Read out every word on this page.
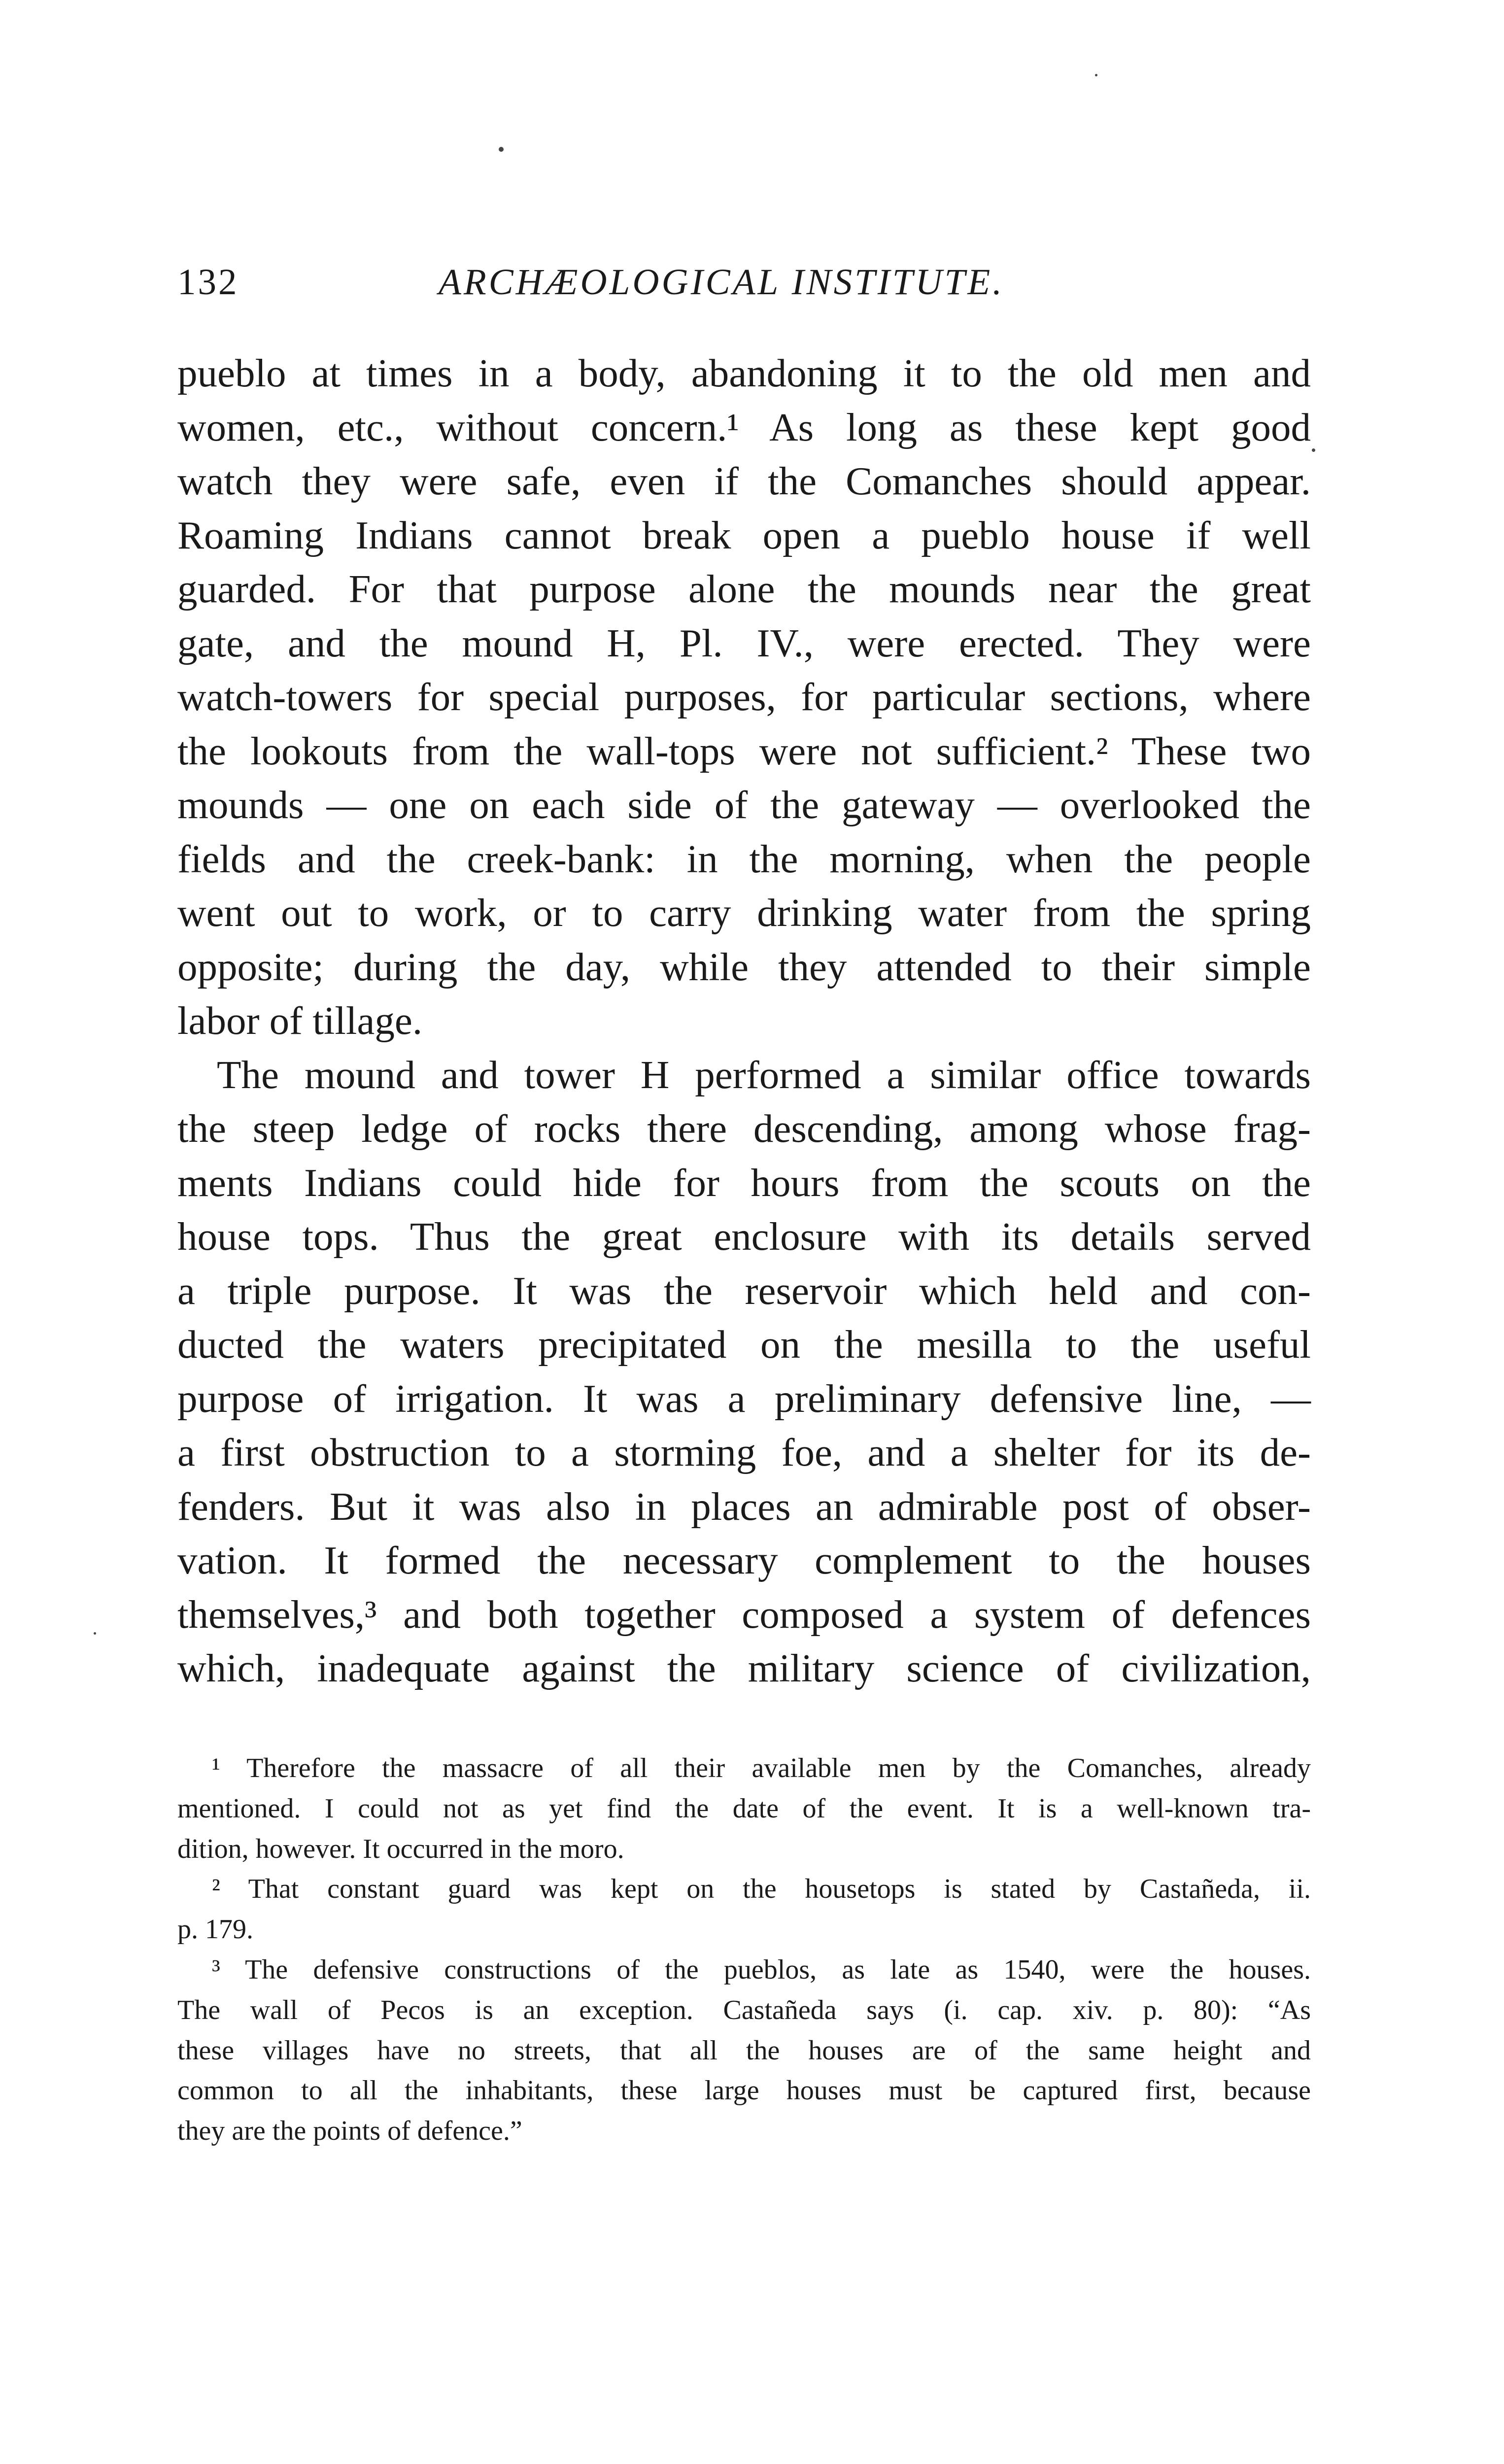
132	ARCHÆOLOGICAL INSTITUTE.
pueblo at times in a body, abandoning it to the old men and
women, etc., without concern.¹ As long as these kept good
watch they were safe, even if the Comanches should appear.
Roaming Indians cannot break open a pueblo house if well
guarded. For that purpose alone the mounds near the great
gate, and the mound H, Pl. IV., were erected. They were
watch-towers for special purposes, for particular sections, where
the lookouts from the wall-tops were not sufficient.² These two
mounds — one on each side of the gateway — overlooked the
fields and the creek-bank: in the morning, when the people
went out to work, or to carry drinking water from the spring
opposite; during the day, while they attended to their simple
labor of tillage.
The mound and tower H performed a similar office towards
the steep ledge of rocks there descending, among whose frag-
ments Indians could hide for hours from the scouts on the
house tops. Thus the great enclosure with its details served
a triple purpose. It was the reservoir which held and con-
ducted the waters precipitated on the mesilla to the useful
purpose of irrigation. It was a preliminary defensive line, —
a first obstruction to a storming foe, and a shelter for its de-
fenders. But it was also in places an admirable post of obser-
vation. It formed the necessary complement to the houses
themselves,³ and both together composed a system of defences
which, inadequate against the military science of civilization,
¹ Therefore the massacre of all their available men by the Comanches, already
mentioned. I could not as yet find the date of the event. It is a well-known tra-
dition, however. It occurred in the moro.
² That constant guard was kept on the housetops is stated by Castañeda, ii.
p. 179.
³ The defensive constructions of the pueblos, as late as 1540, were the houses.
The wall of Pecos is an exception. Castañeda says (i. cap. xiv. p. 80): “As
these villages have no streets, that all the houses are of the same height and
common to all the inhabitants, these large houses must be captured first, because
they are the points of defence.”
